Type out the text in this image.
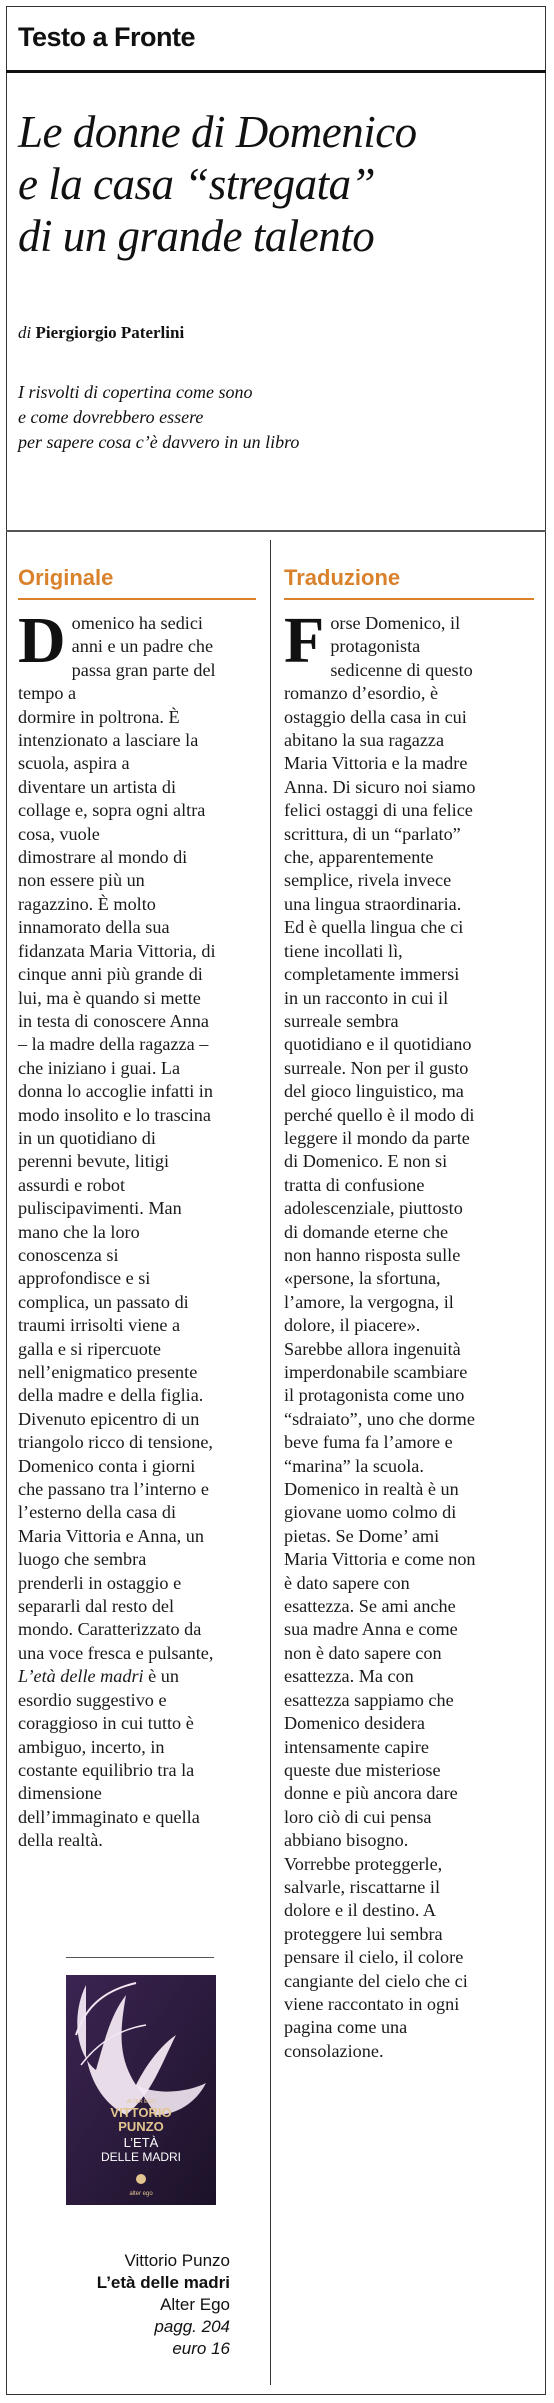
Testo a Fronte
Le donne di Domenico
e la casa “stregata”
di un grande talento
di Piergiorgio Paterlini
I risvolti di copertina come sono
e come dovrebbero essere
per sapere cosa c’è davvero in un libro
Originale	Traduzione
D omenico ha sedici
anni e un padre che
passa gran parte del
tempo a
dormire in poltrona. È
intenzionato a lasciare la
scuola, aspira a
diventare un artista di
collage e, sopra ogni altra
cosa, vuole
dimostrare al mondo di
non essere più un
ragazzino. È molto
innamorato della sua
fidanzata Maria Vittoria, di
cinque anni più grande di
lui, ma è quando si mette
in testa di conoscere Anna
– la madre della ragazza –
che iniziano i guai. La
donna lo accoglie infatti in
modo insolito e lo trascina
in un quotidiano di
perenni bevute, litigi
assurdi e robot
puliscipavimenti. Man
mano che la loro
conoscenza si
approfondisce e si
complica, un passato di
traumi irrisolti viene a
galla e si ripercuote
nell’enigmatico presente
della madre e della figlia.
Divenuto epicentro di un
triangolo ricco di tensione,
Domenico conta i giorni
che passano tra l’interno e
l’esterno della casa di
Maria Vittoria e Anna, un
luogo che sembra
prenderli in ostaggio e
separarli dal resto del
mondo. Caratterizzato da
una voce fresca e pulsante,
L’età delle madri è un
esordio suggestivo e
coraggioso in cui tutto è
ambiguo, incerto, in
costante equilibrio tra la
dimensione
dell’immaginato e quella
della realtà.
F orse Domenico, il
protagonista
sedicenne di questo
romanzo d’esordio, è
ostaggio della casa in cui
abitano la sua ragazza
Maria Vittoria e la madre
Anna. Di sicuro noi siamo
felici ostaggi di una felice
scrittura, di un “parlato”
che, apparentemente
semplice, rivela invece
una lingua straordinaria.
Ed è quella lingua che ci
tiene incollati lì,
completamente immersi
in un racconto in cui il
surreale sembra
quotidiano e il quotidiano
surreale. Non per il gusto
del gioco linguistico, ma
perché quello è il modo di
leggere il mondo da parte
di Domenico. E non si
tratta di confusione
adolescenziale, piuttosto
di domande eterne che
non hanno risposta sulle
«persone, la sfortuna,
l’amore, la vergogna, il
dolore, il piacere».
Sarebbe allora ingenuità
imperdonabile scambiare
il protagonista come uno
“sdraiato”, uno che dorme
beve fuma fa l’amore e
“marina” la scuola.
Domenico in realtà è un
giovane uomo colmo di
pietas. Se Dome’ ami
Maria Vittoria e come non
è dato sapere con
esattezza. Se ami anche
sua madre Anna e come
non è dato sapere con
esattezza. Ma con
esattezza sappiamo che
Domenico desidera
intensamente capire
queste due misteriose
donne e più ancora dare
loro ciò di cui pensa
abbiano bisogno.
Vorrebbe proteggerle,
salvarle, riscattarne il
dolore e il destino. A
proteggere lui sembra
pensare il cielo, il colore
cangiante del cielo che ci
viene raccontato in ogni
pagina come una
consolazione.
ALTER EGO
VITTORIO
PUNZO
L’ETÀ
DELLE MADRI
alter ego
Vittorio Punzo
L’età delle madri
Alter Ego
pagg. 204
euro 16
